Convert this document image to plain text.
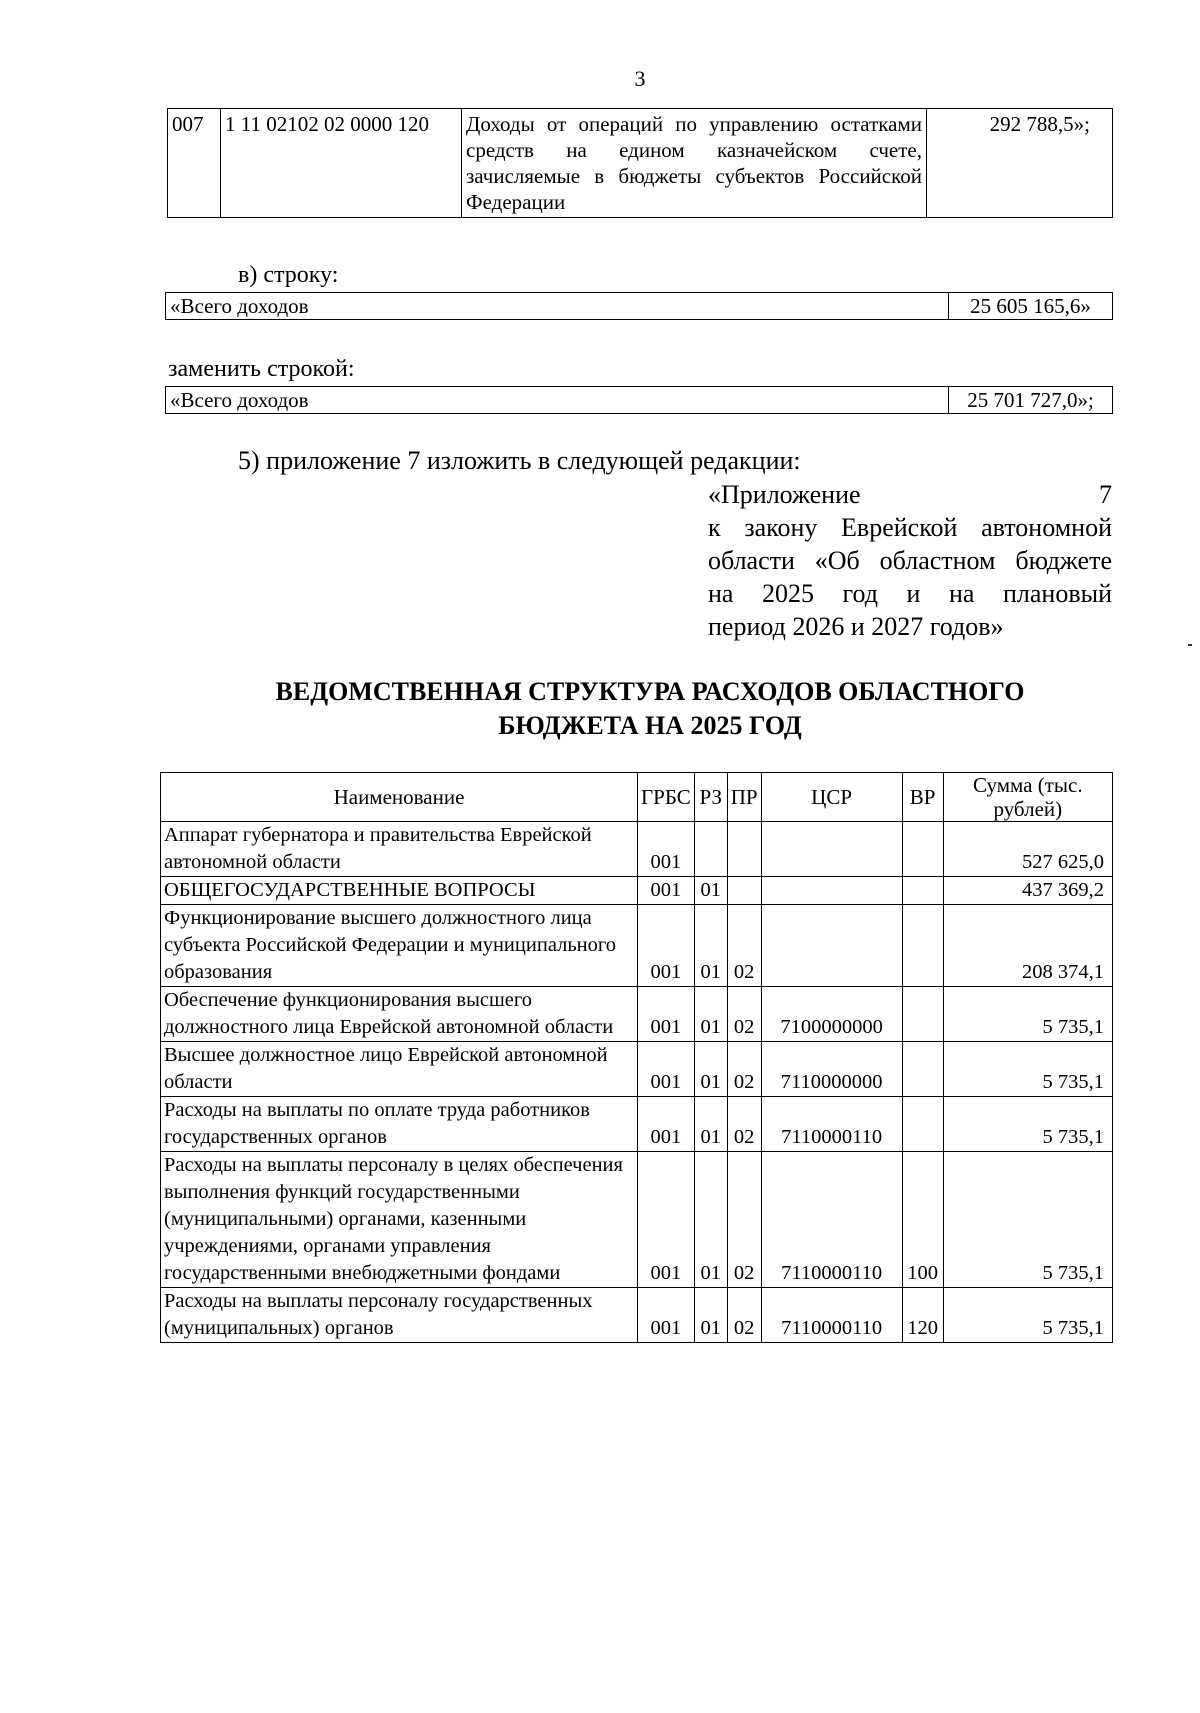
3
007	1 11 02102 02 0000 120	Доходы от операций по управлению остатками средств на едином казначейском счете, зачисляемые в бюджеты субъектов Российской Федерации	292 788,5»;
в) строку:
«Всего доходов	25 605 165,6»
заменить строкой:
«Всего доходов	25 701 727,0»;
5) приложение 7 изложить в следующей редакции:
«Приложение 7
к закону Еврейской автономной
области «Об областном бюджете
на 2025 год и на плановый
период 2026 и 2027 годов»
ВЕДОМСТВЕННАЯ СТРУКТУРА РАСХОДОВ ОБЛАСТНОГО
БЮДЖЕТА НА 2025 ГОД
Наименование	ГРБС	РЗ	ПР	ЦСР	ВР	Сумма (тыс. рублей)
Аппарат губернатора и правительства Еврейской автономной области	001					527 625,0
ОБЩЕГОСУДАРСТВЕННЫЕ ВОПРОСЫ	001	01				437 369,2
Функционирование высшего должностного лица субъекта Российской Федерации и муниципального образования	001	01	02			208 374,1
Обеспечение функционирования высшего должностного лица Еврейской автономной области	001	01	02	7100000000		5 735,1
Высшее должностное лицо Еврейской автономной области	001	01	02	7110000000		5 735,1
Расходы на выплаты по оплате труда работников государственных органов	001	01	02	7110000110		5 735,1
Расходы на выплаты персоналу в целях обеспечения выполнения функций государственными (муниципальными) органами, казенными учреждениями, органами управления государственными внебюджетными фондами	001	01	02	7110000110	100	5 735,1
Расходы на выплаты персоналу государственных (муниципальных) органов	001	01	02	7110000110	120	5 735,1
